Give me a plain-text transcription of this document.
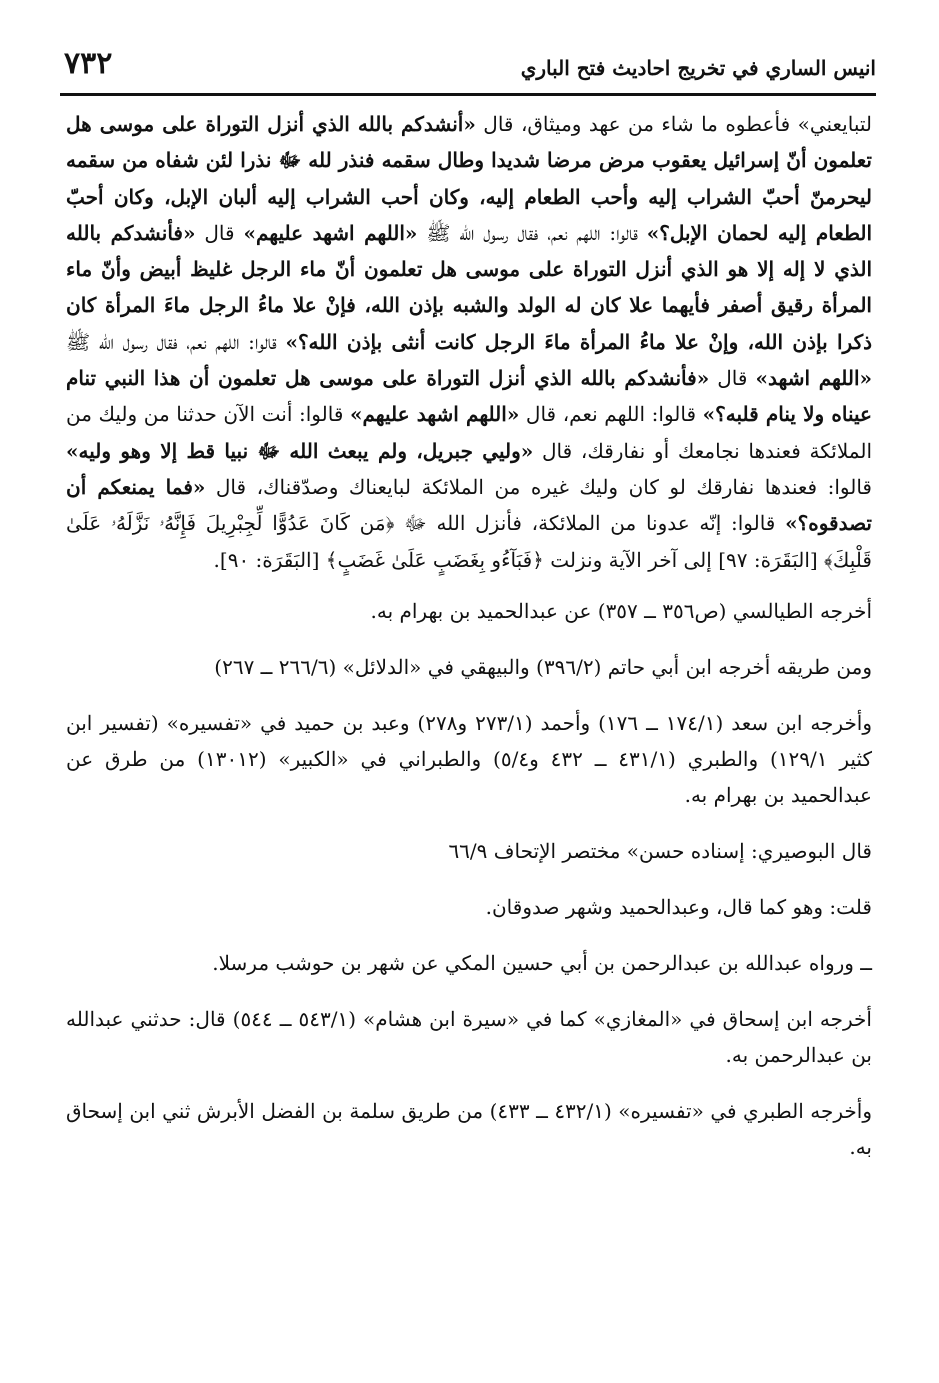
انيس الساري في تخريج احاديث فتح الباري
٧٣٢

لتبايعني» فأعطوه ما شاء من عهد وميثاق، قال «أنشدكم بالله الذي أنزل التوراة على موسى هل تعلمون أنّ إسرائيل يعقوب مرض مرضا شديدا وطال سقمه فنذر لله ﷻ نذرا لئن شفاه من سقمه ليحرمنّ أحبّ الشراب إليه وأحب الطعام إليه، وكان أحب الشراب إليه ألبان الإبل، وكان أحبّ الطعام إليه لحمان الإبل؟» قالوا: اللهم نعم، فقال رسول الله ﷺ «اللهم اشهد عليهم» قال «فأنشدكم بالله الذي لا إله إلا هو الذي أنزل التوراة على موسى هل تعلمون أنّ ماء الرجل غليظ أبيض وأنّ ماء المرأة رقيق أصفر فأيهما علا كان له الولد والشبه بإذن الله، فإنْ علا ماءُ الرجل ماءَ المرأة كان ذكرا بإذن الله، وإنْ علا ماءُ المرأة ماءَ الرجل كانت أنثى بإذن الله؟» قالوا: اللهم نعم، فقال رسول الله ﷺ «اللهم اشهد» قال «فأنشدكم بالله الذي أنزل التوراة على موسى هل تعلمون أن هذا النبي تنام عيناه ولا ينام قلبه؟» قالوا: اللهم نعم، قال «اللهم اشهد عليهم» قالوا: أنت الآن حدثنا من وليك من الملائكة فعندها نجامعك أو نفارقك، قال «وليي جبريل، ولم يبعث الله ﷻ نبيا قط إلا وهو وليه» قالوا: فعندها نفارقك لو كان وليك غيره من الملائكة لبايعناك وصدّقناك، قال «فما يمنعكم أن تصدقوه؟» قالوا: إنّه عدونا من الملائكة، فأنزل الله ﷻ ﴿مَن كَانَ عَدُوًّا لِّجِبْرِيلَ فَإِنَّهُۥ نَزَّلَهُۥ عَلَىٰ قَلْبِكَ﴾ [البَقَرَة: ٩٧] إلى آخر الآية ونزلت ﴿فَبَآءُو بِغَضَبٍ عَلَىٰ غَضَبٍ﴾ [البَقَرَة: ٩٠].

أخرجه الطيالسي (ص٣٥٦ ــ ٣٥٧) عن عبدالحميد بن بهرام به.

ومن طريقه أخرجه ابن أبي حاتم (٣٩٦/٢) والبيهقي في «الدلائل» (٢٦٦/٦ ــ ٢٦٧)

وأخرجه ابن سعد (١٧٤/١ ــ ١٧٦) وأحمد (٢٧٣/١ و٢٧٨) وعبد بن حميد في «تفسيره» (تفسير ابن كثير ١٢٩/١) والطبري (٤٣١/١ ــ ٤٣٢ و٥/٤) والطبراني في «الكبير» (١٣٠١٢) من طرق عن عبدالحميد بن بهرام به.

قال البوصيري: إسناده حسن» مختصر الإتحاف ٦٦/٩

قلت: وهو كما قال، وعبدالحميد وشهر صدوقان.

ــ ورواه عبدالله بن عبدالرحمن بن أبي حسين المكي عن شهر بن حوشب مرسلا.

أخرجه ابن إسحاق في «المغازي» كما في «سيرة ابن هشام» (٥٤٣/١ ــ ٥٤٤) قال: حدثني عبدالله بن عبدالرحمن به.

وأخرجه الطبري في «تفسيره» (٤٣٢/١ ــ ٤٣٣) من طريق سلمة بن الفضل الأبرش ثني ابن إسحاق به.
